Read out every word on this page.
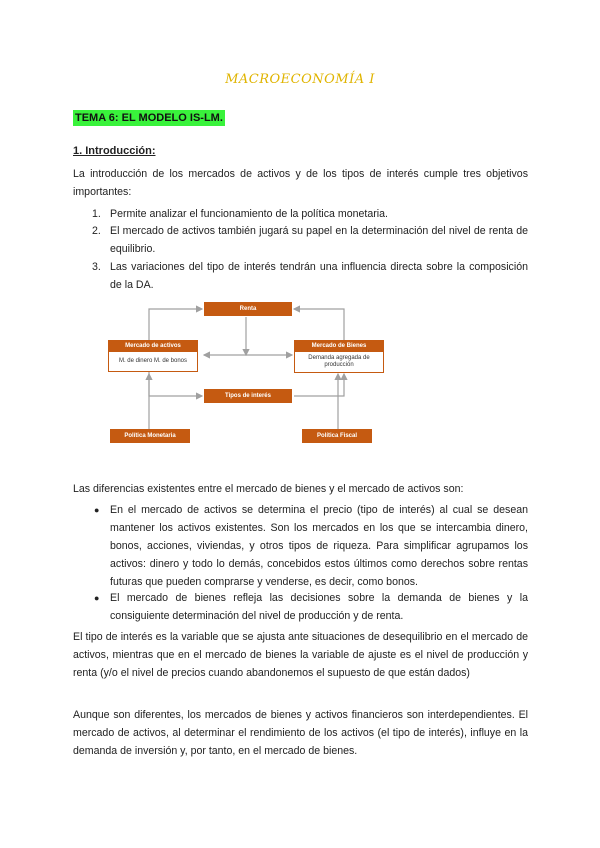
MACROECONOMÍA I
TEMA 6: EL MODELO IS-LM.
1. Introducción:
La introducción de los mercados de activos y de los tipos de interés cumple tres objetivos importantes:
1. Permite analizar el funcionamiento de la política monetaria.
2. El mercado de activos también jugará su papel en la determinación del nivel de renta de equilibrio.
3. Las variaciones del tipo de interés tendrán una influencia directa sobre la composición de la DA.
Renta
Mercado de activos
M. de dinero M. de bonos
Mercado de Bienes
Demanda agregada de producción
Tipos de interés
Política Monetaria	Política Fiscal
Las diferencias existentes entre el mercado de bienes y el mercado de activos son:
● En el mercado de activos se determina el precio (tipo de interés) al cual se desean mantener los activos existentes. Son los mercados en los que se intercambia dinero, bonos, acciones, viviendas, y otros tipos de riqueza. Para simplificar agrupamos los activos: dinero y todo lo demás, concebidos estos últimos como derechos sobre rentas futuras que pueden comprarse y venderse, es decir, como bonos.
● El mercado de bienes refleja las decisiones sobre la demanda de bienes y la consiguiente determinación del nivel de producción y de renta.
El tipo de interés es la variable que se ajusta ante situaciones de desequilibrio en el mercado de activos, mientras que en el mercado de bienes la variable de ajuste es el nivel de producción y renta (y/o el nivel de precios cuando abandonemos el supuesto de que están dados)
Aunque son diferentes, los mercados de bienes y activos financieros son interdependientes. El mercado de activos, al determinar el rendimiento de los activos (el tipo de interés), influye en la demanda de inversión y, por tanto, en el mercado de bienes.
